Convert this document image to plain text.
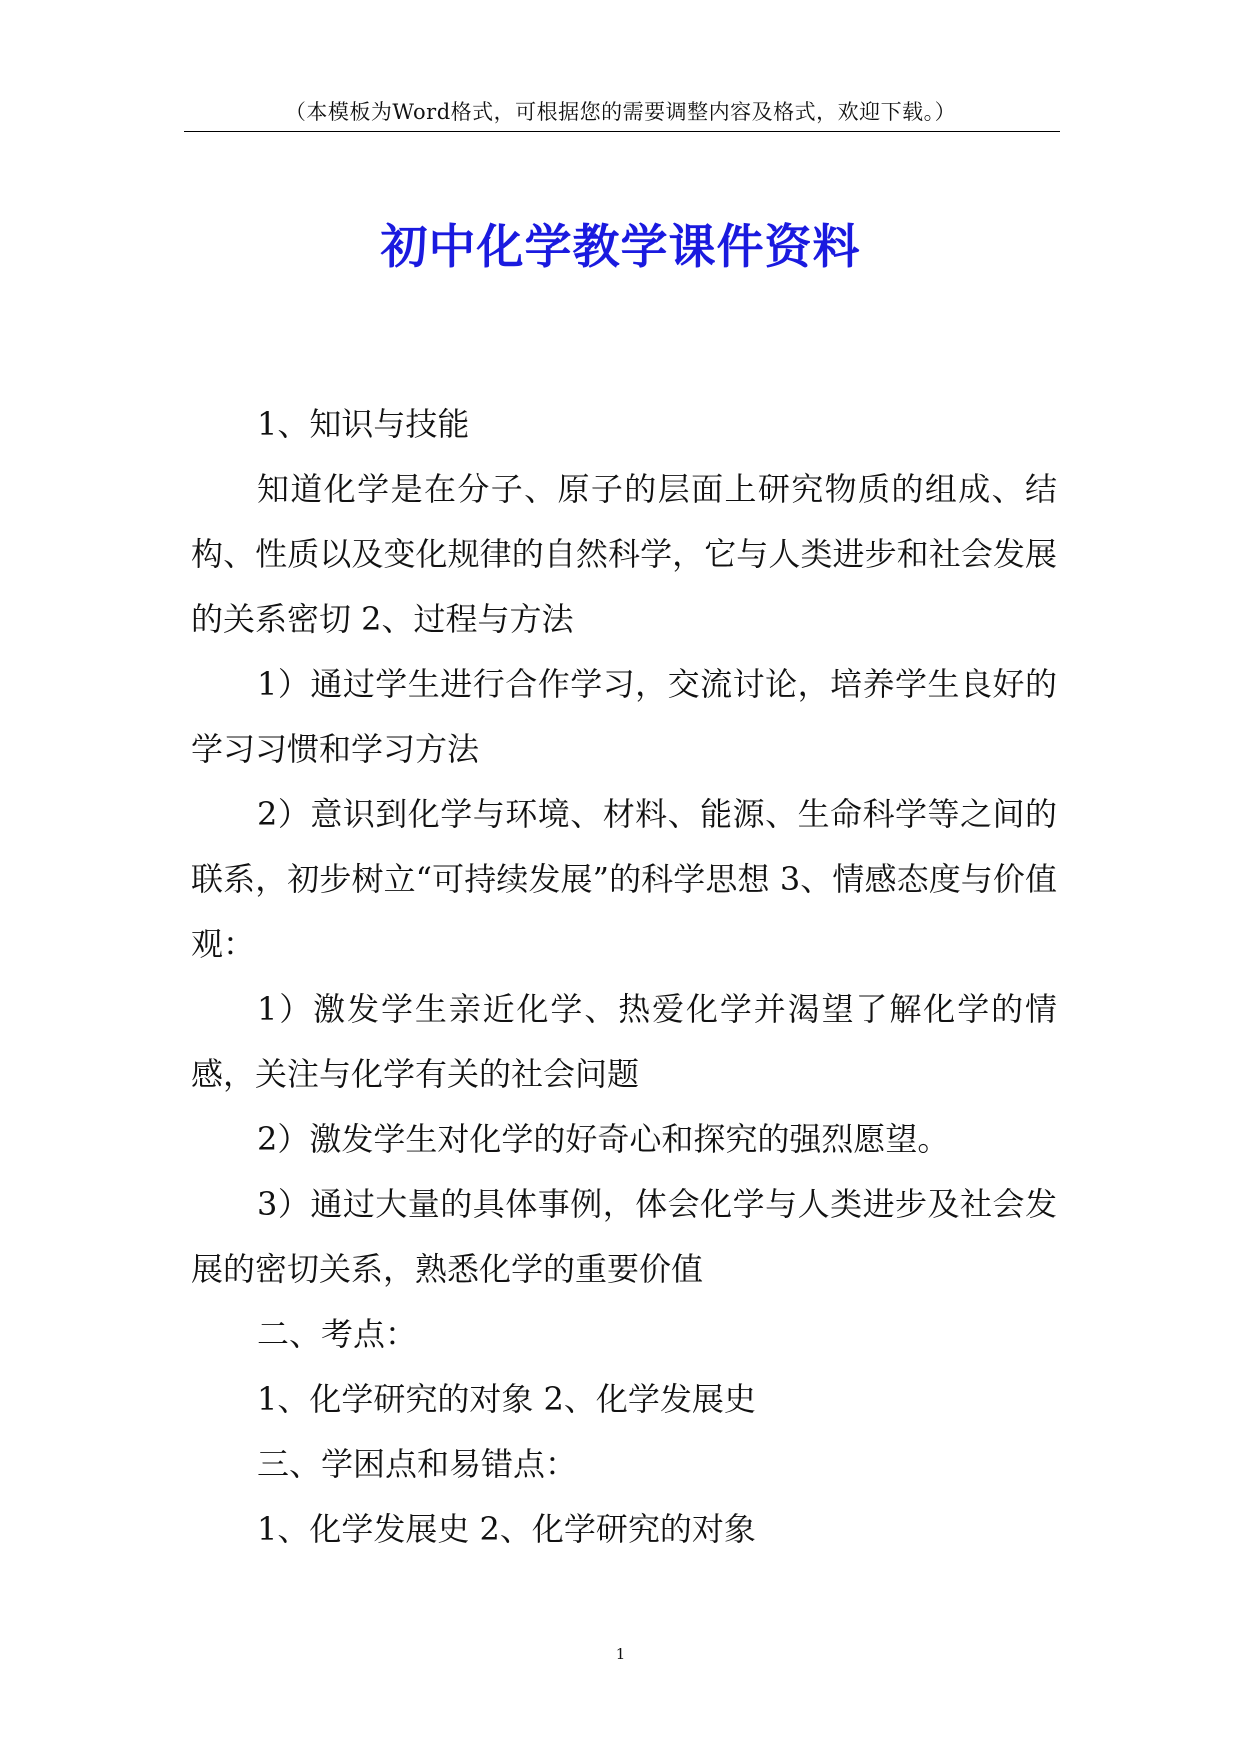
（本模板为Word格式，可根据您的需要调整内容及格式，欢迎下载。）
初中化学教学课件资料

1、知识与技能

知道化学是在分子、原子的层面上研究物质的组成、结构、性质以及变化规律的自然科学，它与人类进步和社会发展的关系密切 2、过程与方法

1）通过学生进行合作学习，交流讨论，培养学生良好的学习习惯和学习方法

2）意识到化学与环境、材料、能源、生命科学等之间的联系，初步树立“可持续发展”的科学思想 3、情感态度与价值观：

1）激发学生亲近化学、热爱化学并渴望了解化学的情感，关注与化学有关的社会问题

2）激发学生对化学的好奇心和探究的强烈愿望。

3）通过大量的具体事例，体会化学与人类进步及社会发展的密切关系，熟悉化学的重要价值

二、考点：

1、化学研究的对象 2、化学发展史

三、学困点和易错点：

1、化学发展史 2、化学研究的对象

1
